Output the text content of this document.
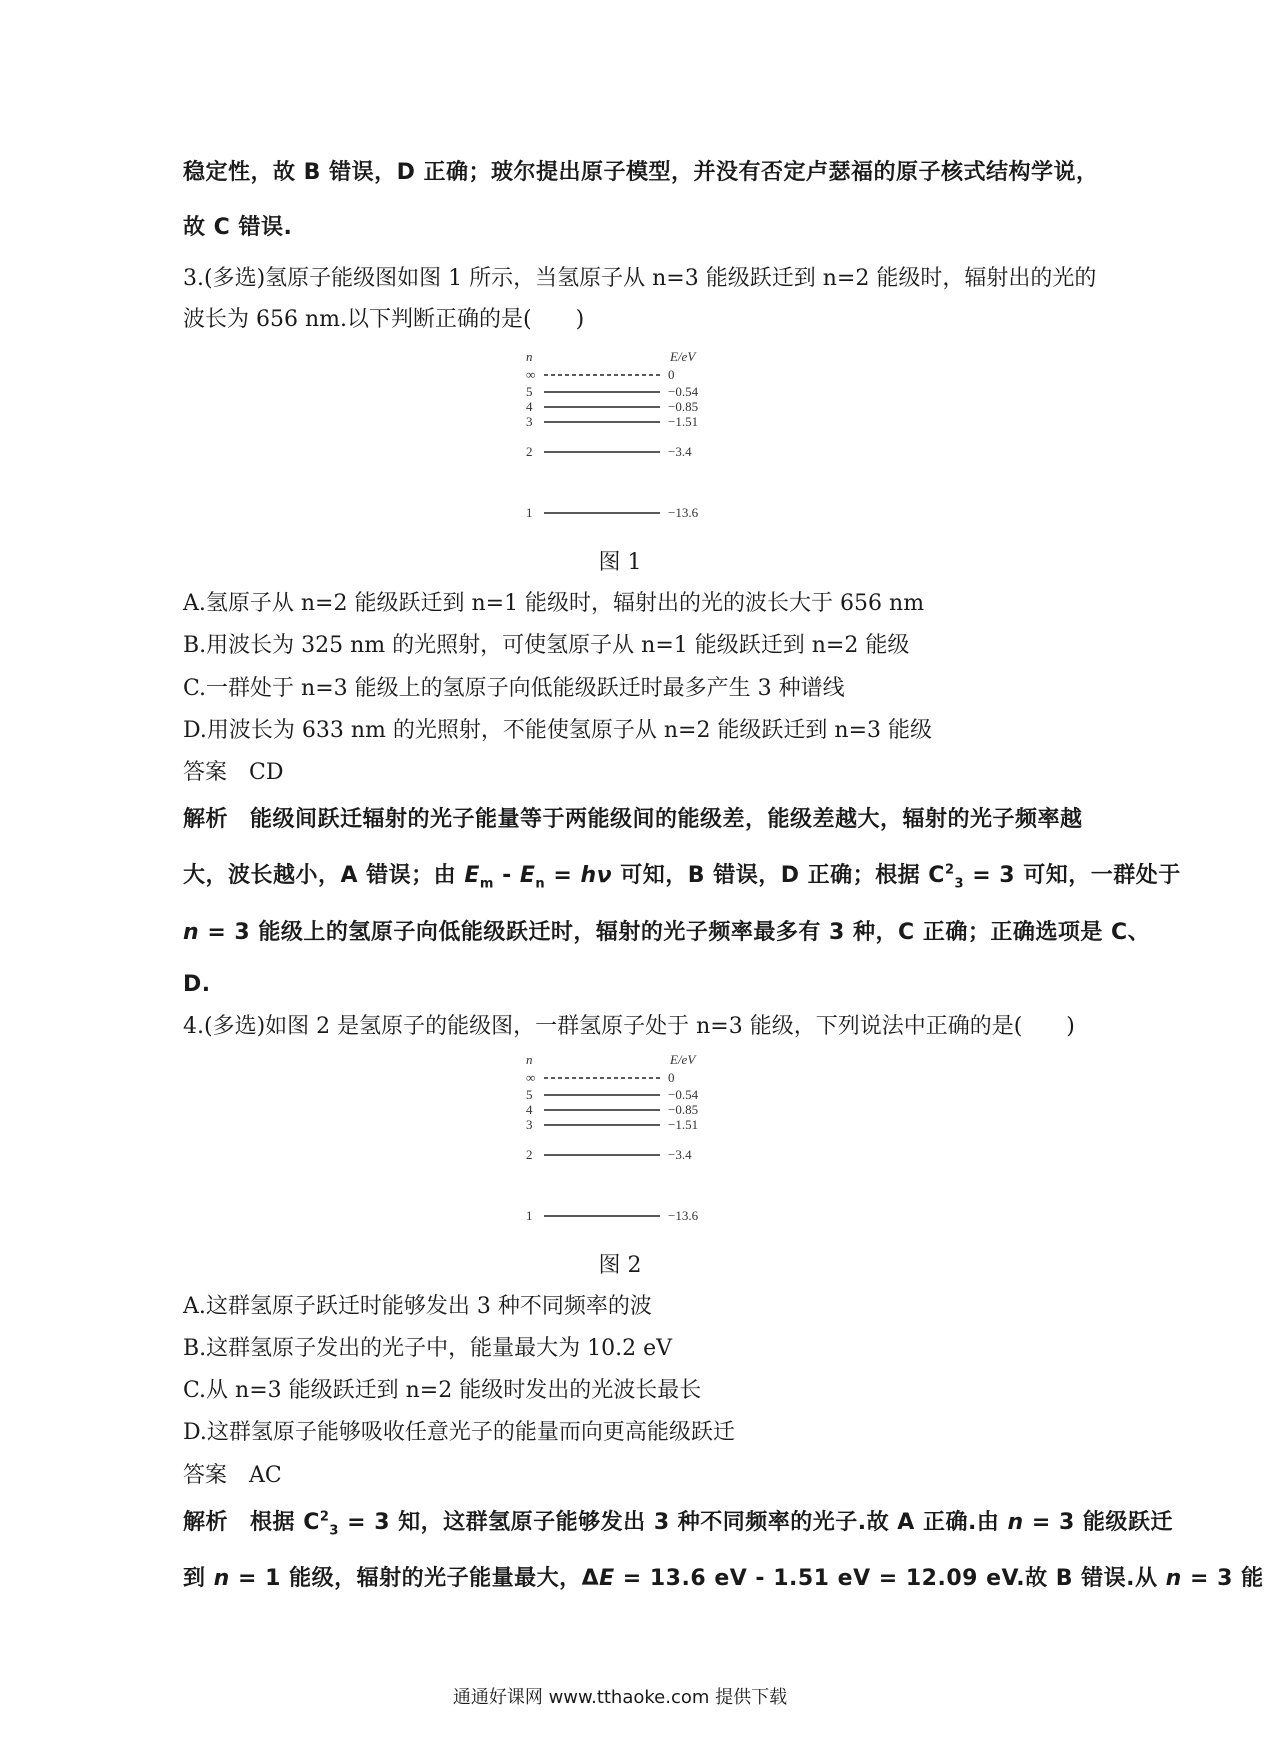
稳定性，故 B 错误，D 正确；玻尔提出原子模型，并没有否定卢瑟福的原子核式结构学说，
故 C 错误.
3.(多选)氢原子能级图如图 1 所示，当氢原子从 n=3 能级跃迁到 n=2 能级时，辐射出的光的
波长为 656 nm.以下判断正确的是(　　)
n	E/eV
∞	0
5	−0.54
4	−0.85
3	−1.51
2	−3.4
1	−13.6
图 1
A.氢原子从 n=2 能级跃迁到 n=1 能级时，辐射出的光的波长大于 656 nm
B.用波长为 325 nm 的光照射，可使氢原子从 n=1 能级跃迁到 n=2 能级
C.一群处于 n=3 能级上的氢原子向低能级跃迁时最多产生 3 种谱线
D.用波长为 633 nm 的光照射，不能使氢原子从 n=2 能级跃迁到 n=3 能级
答案 CD
解析 能级间跃迁辐射的光子能量等于两能级间的能级差，能级差越大，辐射的光子频率越
大，波长越小，A 错误；由 $E_m - E_n = h\nu$ 可知，B 错误，D 正确；根据 $C^2_3 = 3$ 可知，一群处于
n = 3 能级上的氢原子向低能级跃迁时，辐射的光子频率最多有 3 种，C 正确；正确选项是 C、
D.
4.(多选)如图 2 是氢原子的能级图，一群氢原子处于 n=3 能级，下列说法中正确的是(　　)
n	E/eV
∞	0
5	−0.54
4	−0.85
3	−1.51
2	−3.4
1	−13.6
图 2
A.这群氢原子跃迁时能够发出 3 种不同频率的波
B.这群氢原子发出的光子中，能量最大为 10.2 eV
C.从 n=3 能级跃迁到 n=2 能级时发出的光波长最长
D.这群氢原子能够吸收任意光子的能量而向更高能级跃迁
答案 AC
解析 根据 $C^2_3 = 3$ 知，这群氢原子能够发出 3 种不同频率的光子.故 A 正确.由 n = 3 能级跃迁
到 n = 1 能级，辐射的光子能量最大，ΔE = 13.6 eV - 1.51 eV = 12.09 eV.故 B 错误.从 n = 3 能
通通好课网 www.tthaoke.com 提供下载
